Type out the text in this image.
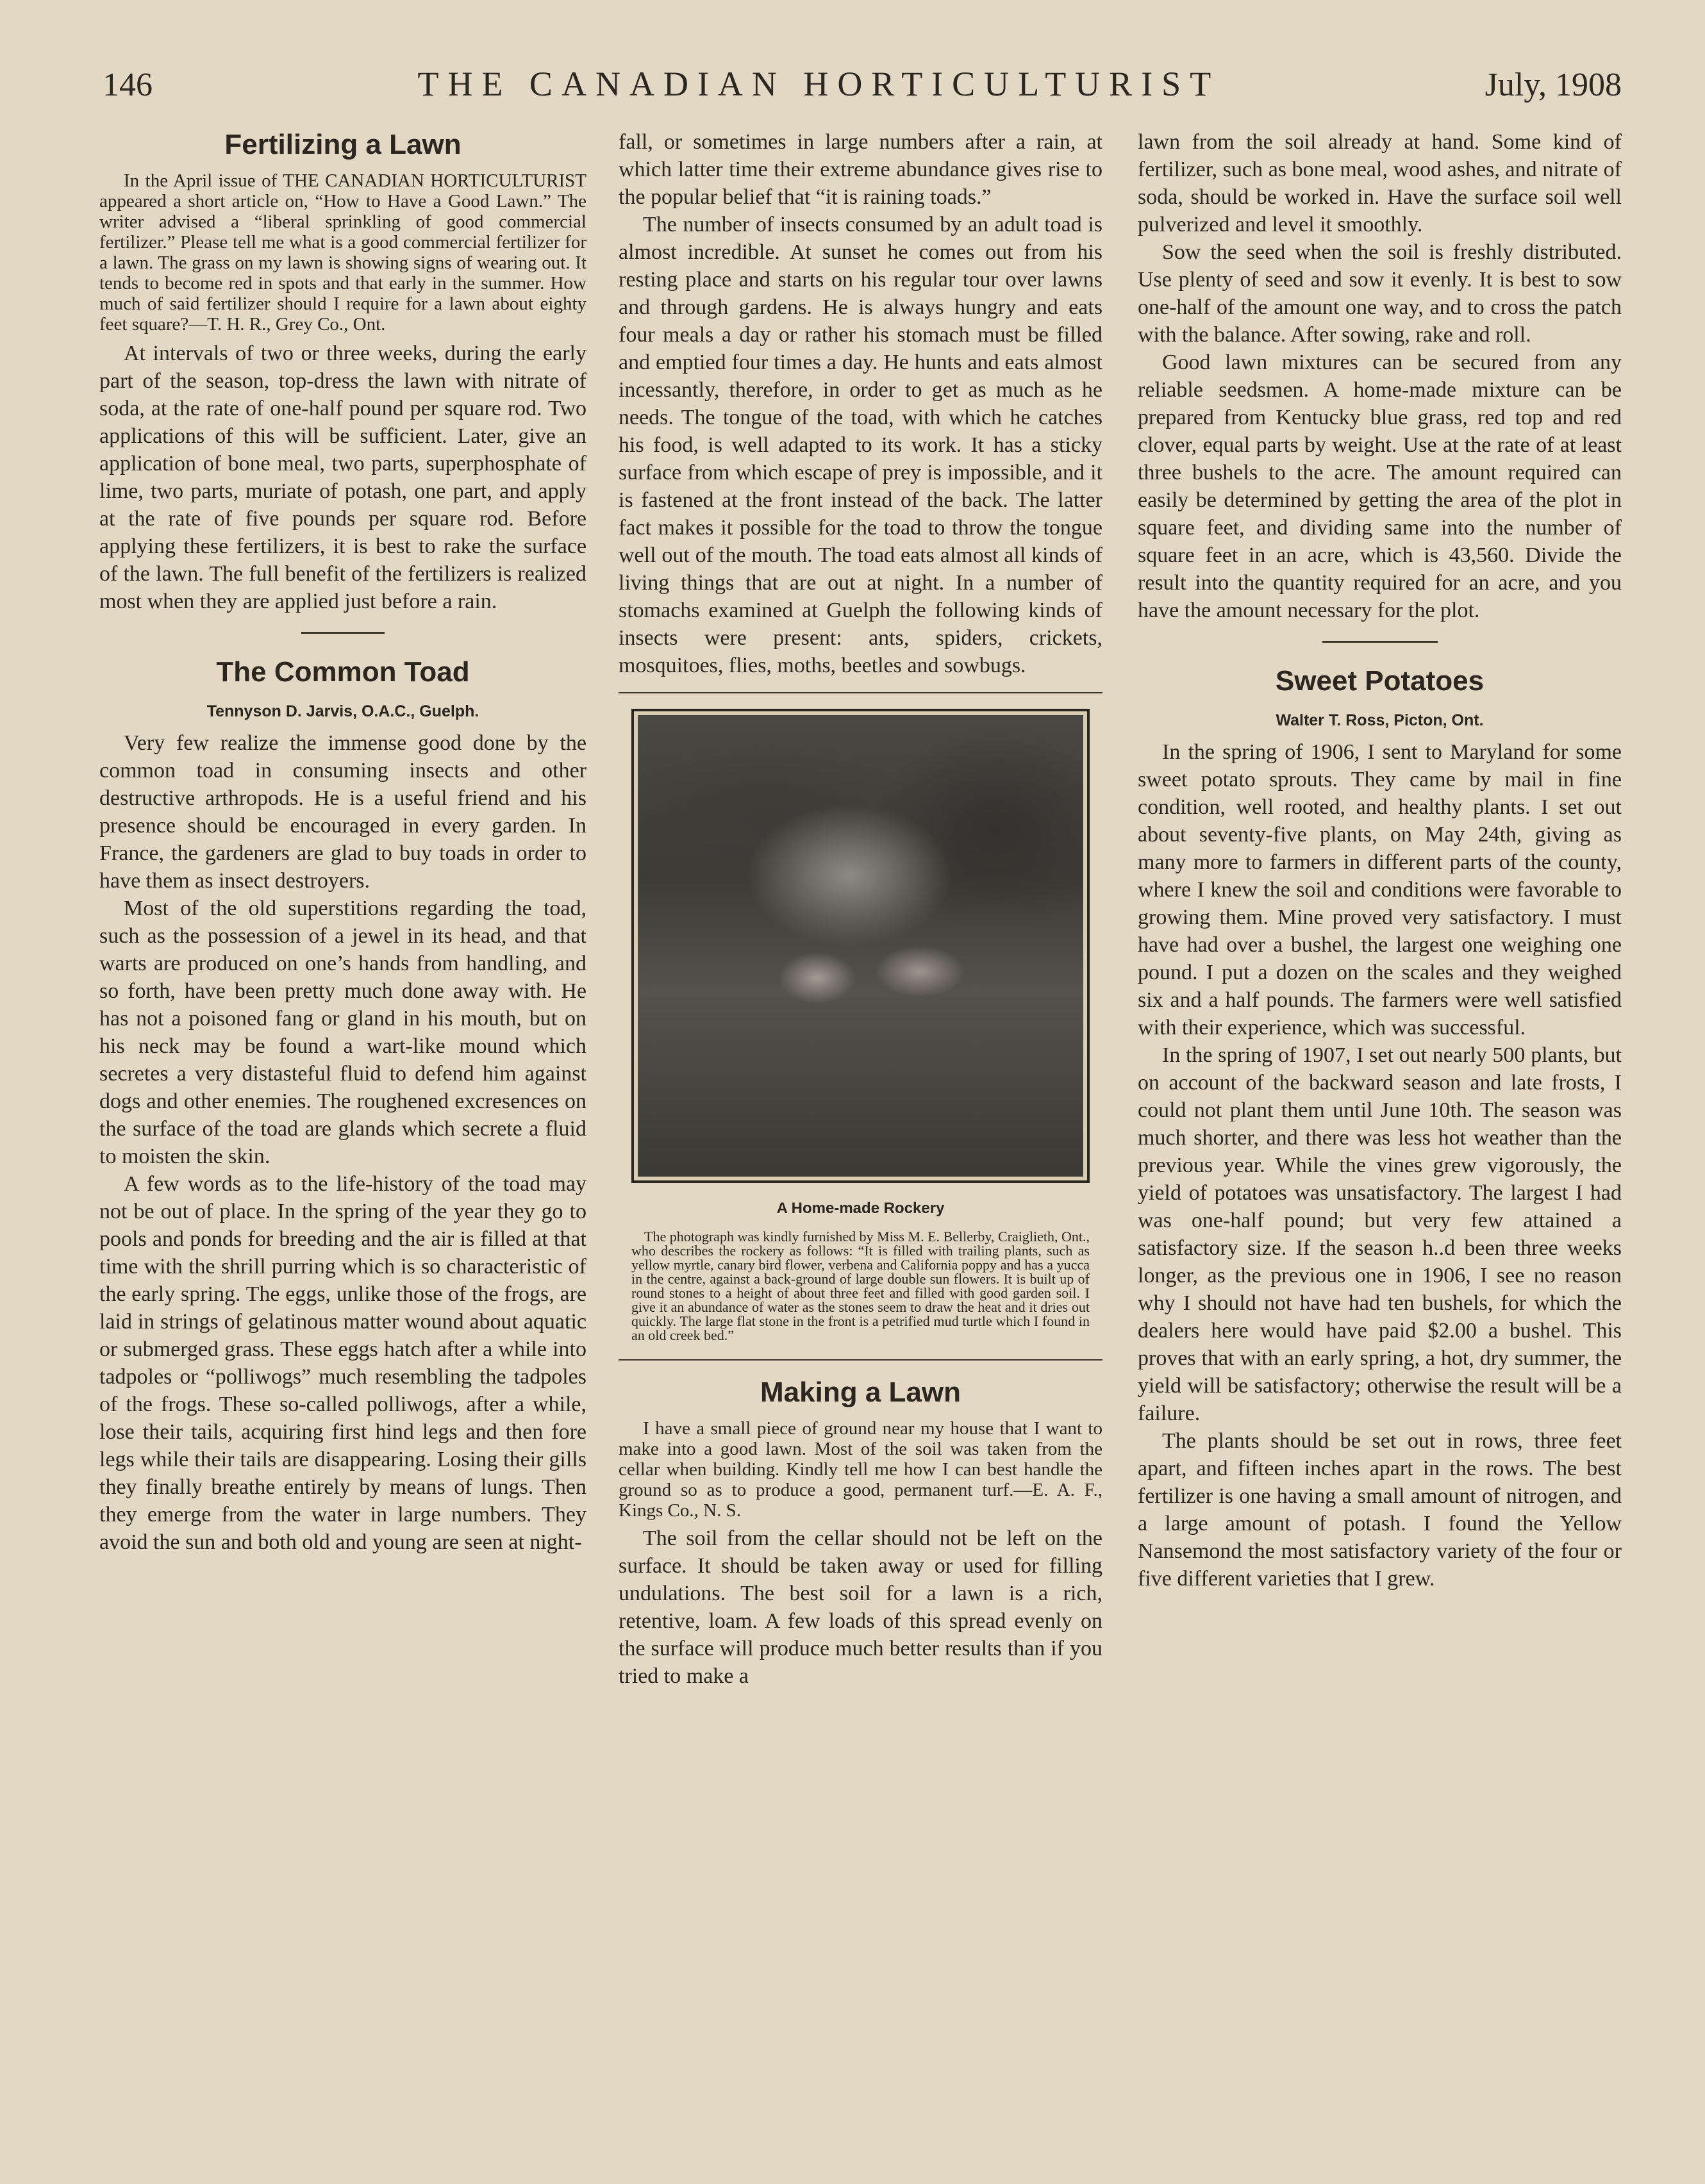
146	THE CANADIAN HORTICULTURIST	July, 1908
Fertilizing a Lawn

In the April issue of THE CANADIAN HORTICULTURIST appeared a short article on, “How to Have a Good Lawn.” The writer advised a “liberal sprinkling of good commercial fertilizer.” Please tell me what is a good commercial fertilizer for a lawn. The grass on my lawn is showing signs of wearing out. It tends to become red in spots and that early in the summer. How much of said fertilizer should I require for a lawn about eighty feet square?—T. H. R., Grey Co., Ont.

At intervals of two or three weeks, during the early part of the season, top-dress the lawn with nitrate of soda, at the rate of one-half pound per square rod. Two applications of this will be sufficient. Later, give an application of bone meal, two parts, superphosphate of lime, two parts, muriate of potash, one part, and apply at the rate of five pounds per square rod. Before applying these fertilizers, it is best to rake the surface of the lawn. The full benefit of the fertilizers is realized most when they are applied just before a rain.

The Common Toad
Tennyson D. Jarvis, O.A.C., Guelph.

Very few realize the immense good done by the common toad in consuming insects and other destructive arthropods. He is a useful friend and his presence should be encouraged in every garden. In France, the gardeners are glad to buy toads in order to have them as insect destroyers.

Most of the old superstitions regarding the toad, such as the possession of a jewel in its head, and that warts are produced on one’s hands from handling, and so forth, have been pretty much done away with. He has not a poisoned fang or gland in his mouth, but on his neck may be found a wart-like mound which secretes a very distasteful fluid to defend him against dogs and other enemies. The roughened excresences on the surface of the toad are glands which secrete a fluid to moisten the skin.

A few words as to the life-history of the toad may not be out of place. In the spring of the year they go to pools and ponds for breeding and the air is filled at that time with the shrill purring which is so characteristic of the early spring. The eggs, unlike those of the frogs, are laid in strings of gelatinous matter wound about aquatic or submerged grass. These eggs hatch after a while into tadpoles or “polliwogs” much resembling the tadpoles of the frogs. These so-called polliwogs, after a while, lose their tails, acquiring first hind legs and then fore legs while their tails are disappearing. Losing their gills they finally breathe entirely by means of lungs. Then they emerge from the water in large numbers. They avoid the sun and both old and young are seen at night-

fall, or sometimes in large numbers after a rain, at which latter time their extreme abundance gives rise to the popular belief that “it is raining toads.”

The number of insects consumed by an adult toad is almost incredible. At sunset he comes out from his resting place and starts on his regular tour over lawns and through gardens. He is always hungry and eats four meals a day or rather his stomach must be filled and emptied four times a day. He hunts and eats almost incessantly, therefore, in order to get as much as he needs. The tongue of the toad, with which he catches his food, is well adapted to its work. It has a sticky surface from which escape of prey is impossible, and it is fastened at the front instead of the back. The latter fact makes it possible for the toad to throw the tongue well out of the mouth. The toad eats almost all kinds of living things that are out at night. In a number of stomachs examined at Guelph the following kinds of insects were present: ants, spiders, crickets, mosquitoes, flies, moths, beetles and sowbugs.

A Home-made Rockery
The photograph was kindly furnished by Miss M. E. Bellerby, Craiglieth, Ont., who describes the rockery as follows: “It is filled with trailing plants, such as yellow myrtle, canary bird flower, verbena and California poppy and has a yucca in the centre, against a back-ground of large double sun flowers. It is built up of round stones to a height of about three feet and filled with good garden soil. I give it an abundance of water as the stones seem to draw the heat and it dries out quickly. The large flat stone in the front is a petrified mud turtle which I found in an old creek bed.”
Making a Lawn

I have a small piece of ground near my house that I want to make into a good lawn. Most of the soil was taken from the cellar when building. Kindly tell me how I can best handle the ground so as to produce a good, permanent turf.—E. A. F., Kings Co., N. S.

The soil from the cellar should not be left on the surface. It should be taken away or used for filling undulations. The best soil for a lawn is a rich, retentive, loam. A few loads of this spread evenly on the surface will produce much better results than if you tried to make a

lawn from the soil already at hand. Some kind of fertilizer, such as bone meal, wood ashes, and nitrate of soda, should be worked in. Have the surface soil well pulverized and level it smoothly.

Sow the seed when the soil is freshly distributed. Use plenty of seed and sow it evenly. It is best to sow one-half of the amount one way, and to cross the patch with the balance. After sowing, rake and roll.

Good lawn mixtures can be secured from any reliable seedsmen. A home-made mixture can be prepared from Kentucky blue grass, red top and red clover, equal parts by weight. Use at the rate of at least three bushels to the acre. The amount required can easily be determined by getting the area of the plot in square feet, and dividing same into the number of square feet in an acre, which is 43,560. Divide the result into the quantity required for an acre, and you have the amount necessary for the plot.

Sweet Potatoes
Walter T. Ross, Picton, Ont.

In the spring of 1906, I sent to Maryland for some sweet potato sprouts. They came by mail in fine condition, well rooted, and healthy plants. I set out about seventy-five plants, on May 24th, giving as many more to farmers in different parts of the county, where I knew the soil and conditions were favorable to growing them. Mine proved very satisfactory. I must have had over a bushel, the largest one weighing one pound. I put a dozen on the scales and they weighed six and a half pounds. The farmers were well satisfied with their experience, which was successful.

In the spring of 1907, I set out nearly 500 plants, but on account of the backward season and late frosts, I could not plant them until June 10th. The season was much shorter, and there was less hot weather than the previous year. While the vines grew vigorously, the yield of potatoes was unsatisfactory. The largest I had was one-half pound; but very few attained a satisfactory size. If the season h..d been three weeks longer, as the previous one in 1906, I see no reason why I should not have had ten bushels, for which the dealers here would have paid $2.00 a bushel. This proves that with an early spring, a hot, dry summer, the yield will be satisfactory; otherwise the result will be a failure.

The plants should be set out in rows, three feet apart, and fifteen inches apart in the rows. The best fertilizer is one having a small amount of nitrogen, and a large amount of potash. I found the Yellow Nansemond the most satisfactory variety of the four or five different varieties that I grew.
